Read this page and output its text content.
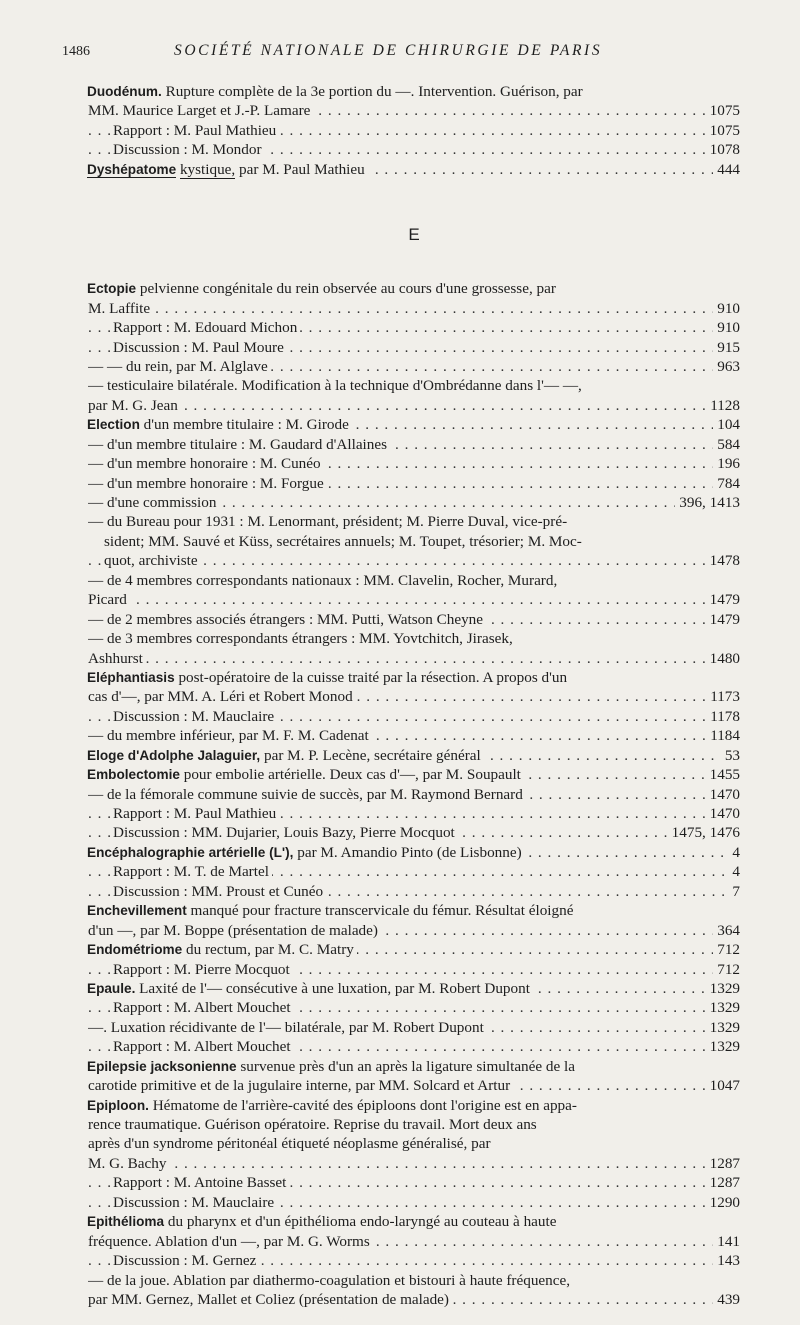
1486	SOCIÉTÉ NATIONALE DE CHIRURGIE DE PARIS
Duodénum. Rupture complète de la 3e portion du —. Intervention. Guérison, par
MM. Maurice Larget et J.-P. Lamare	1075
. . .
Rapport : M. Paul Mathieu	1075
. . .
Discussion : M. Mondor	1078
. . .
Dyshépatome kystique, par M. Paul Mathieu	444
. . .
E
Ectopie pelvienne congénitale du rein observée au cours d'une grossesse, par
M. Laffite	910
. . .
Rapport : M. Edouard Michon	910
. . .
Discussion : M. Paul Moure	915
. . .
— — du rein, par M. Alglave	963
. . .
— testiculaire bilatérale. Modification à la technique d'Ombrédanne dans l'— —,
par M. G. Jean	1128
. . .
Election d'un membre titulaire : M. Girode	104
. . .
— d'un membre titulaire : M. Gaudard d'Allaines	584
. . .
— d'un membre honoraire : M. Cunéo	196
. . .
— d'un membre honoraire : M. Forgue	784
. . .
— d'une commission	396, 1413
. . .
— du Bureau pour 1931 : M. Lenormant, président; M. Pierre Duval, vice-pré-
sident; MM. Sauvé et Küss, secrétaires annuels; M. Toupet, trésorier; M. Moc-
quot, archiviste	1478
. . .
— de 4 membres correspondants nationaux : MM. Clavelin, Rocher, Murard,
Picard	1479
. . .
— de 2 membres associés étrangers : MM. Putti, Watson Cheyne	1479
. . .
— de 3 membres correspondants étrangers : MM. Yovtchitch, Jirasek,
Ashhurst	1480
. . .
Eléphantiasis post-opératoire de la cuisse traité par la résection. A propos d'un
cas d'—, par MM. A. Léri et Robert Monod	1173
. . .
Discussion : M. Mauclaire	1178
. . .
— du membre inférieur, par M. F. M. Cadenat	1184
. . .
Eloge d'Adolphe Jalaguier, par M. P. Lecène, secrétaire général	53
. . .
Embolectomie pour embolie artérielle. Deux cas d'—, par M. Soupault	1455
. . .
— de la fémorale commune suivie de succès, par M. Raymond Bernard	1470
. . .
Rapport : M. Paul Mathieu	1470
. . .
Discussion : MM. Dujarier, Louis Bazy, Pierre Mocquot	1475, 1476
. . .
Encéphalographie artérielle (L'), par M. Amandio Pinto (de Lisbonne)	4
. . .
Rapport : M. T. de Martel	4
. . .
Discussion : MM. Proust et Cunéo	7
. . .
Enchevillement manqué pour fracture transcervicale du fémur. Résultat éloigné
d'un —, par M. Boppe (présentation de malade)	364
. . .
Endométriome du rectum, par M. C. Matry	712
. . .
Rapport : M. Pierre Mocquot	712
. . .
Epaule. Laxité de l'— consécutive à une luxation, par M. Robert Dupont	1329
. . .
Rapport : M. Albert Mouchet	1329
. . .
—. Luxation récidivante de l'— bilatérale, par M. Robert Dupont	1329
. . .
Rapport : M. Albert Mouchet	1329
. . .
Epilepsie jacksonienne survenue près d'un an après la ligature simultanée de la
carotide primitive et de la jugulaire interne, par MM. Solcard et Artur	1047
. . .
Epiploon. Hématome de l'arrière-cavité des épiploons dont l'origine est en appa-
rence traumatique. Guérison opératoire. Reprise du travail. Mort deux ans
après d'un syndrome péritonéal étiqueté néoplasme généralisé, par
M. G. Bachy	1287
. . .
Rapport : M. Antoine Basset	1287
. . .
Discussion : M. Mauclaire	1290
. . .
Epithélioma du pharynx et d'un épithélioma endo-laryngé au couteau à haute
fréquence. Ablation d'un —, par M. G. Worms	141
. . .
Discussion : M. Gernez	143
. . .
— de la joue. Ablation par diathermo-coagulation et bistouri à haute fréquence,
par MM. Gernez, Mallet et Coliez (présentation de malade)	439
. . .
